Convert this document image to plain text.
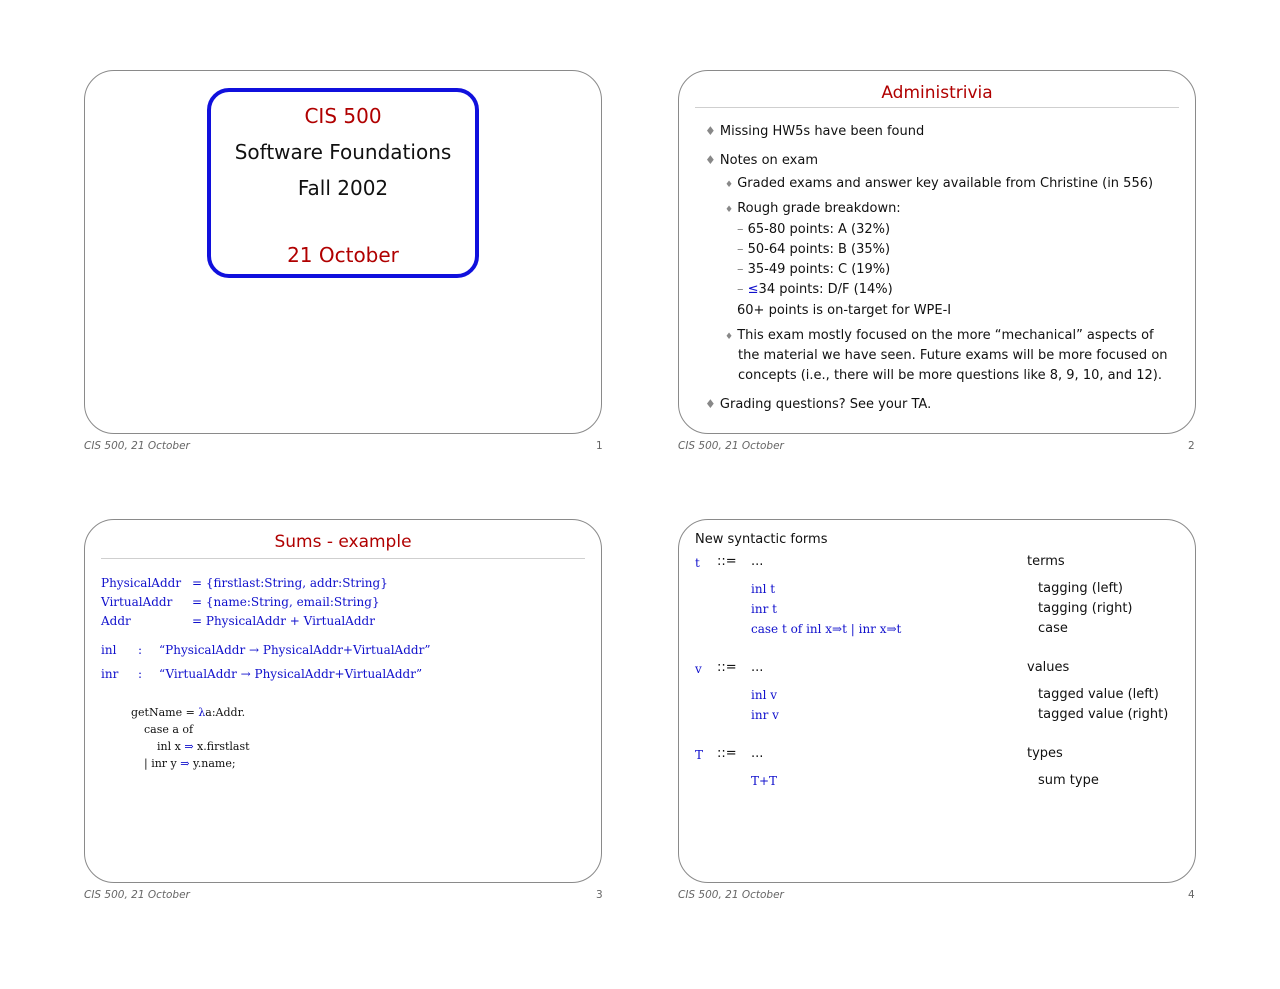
CIS 500
Software Foundations
Fall 2002
21 October
CIS 500, 21 October	1
Administrivia
♦ Missing HW5s have been found
♦ Notes on exam
♦ Graded exams and answer key available from Christine (in 556)
♦ Rough grade breakdown:
– 65-80 points: A (32%)
– 50-64 points: B (35%)
– 35-49 points: C (19%)
– ≤34 points: D/F (14%)
60+ points is on-target for WPE-I
♦ This exam mostly focused on the more “mechanical” aspects of
the material we have seen. Future exams will be more focused on
concepts (i.e., there will be more questions like 8, 9, 10, and 12).
♦ Grading questions? See your TA.
CIS 500, 21 October	2
Sums - example
PhysicalAddr = {firstlast:String, addr:String}
VirtualAddr = {name:String, email:String}
Addr	= PhysicalAddr + VirtualAddr
inl : “PhysicalAddr → PhysicalAddr+VirtualAddr”
inr : “VirtualAddr → PhysicalAddr+VirtualAddr”
getName = λa:Addr.
case a of
inl x ⇒ x.firstlast
| inr y ⇒ y.name;
CIS 500, 21 October	3
New syntactic forms
t ::= ...	terms
inl t	tagging (left)
inr t	tagging (right)
case t of inl x⇒t | inr x⇒t	case
v ::= ...	values
inl v	tagged value (left)
inr v	tagged value (right)
T ::= ...	types
T+T	sum type
CIS 500, 21 October	4
